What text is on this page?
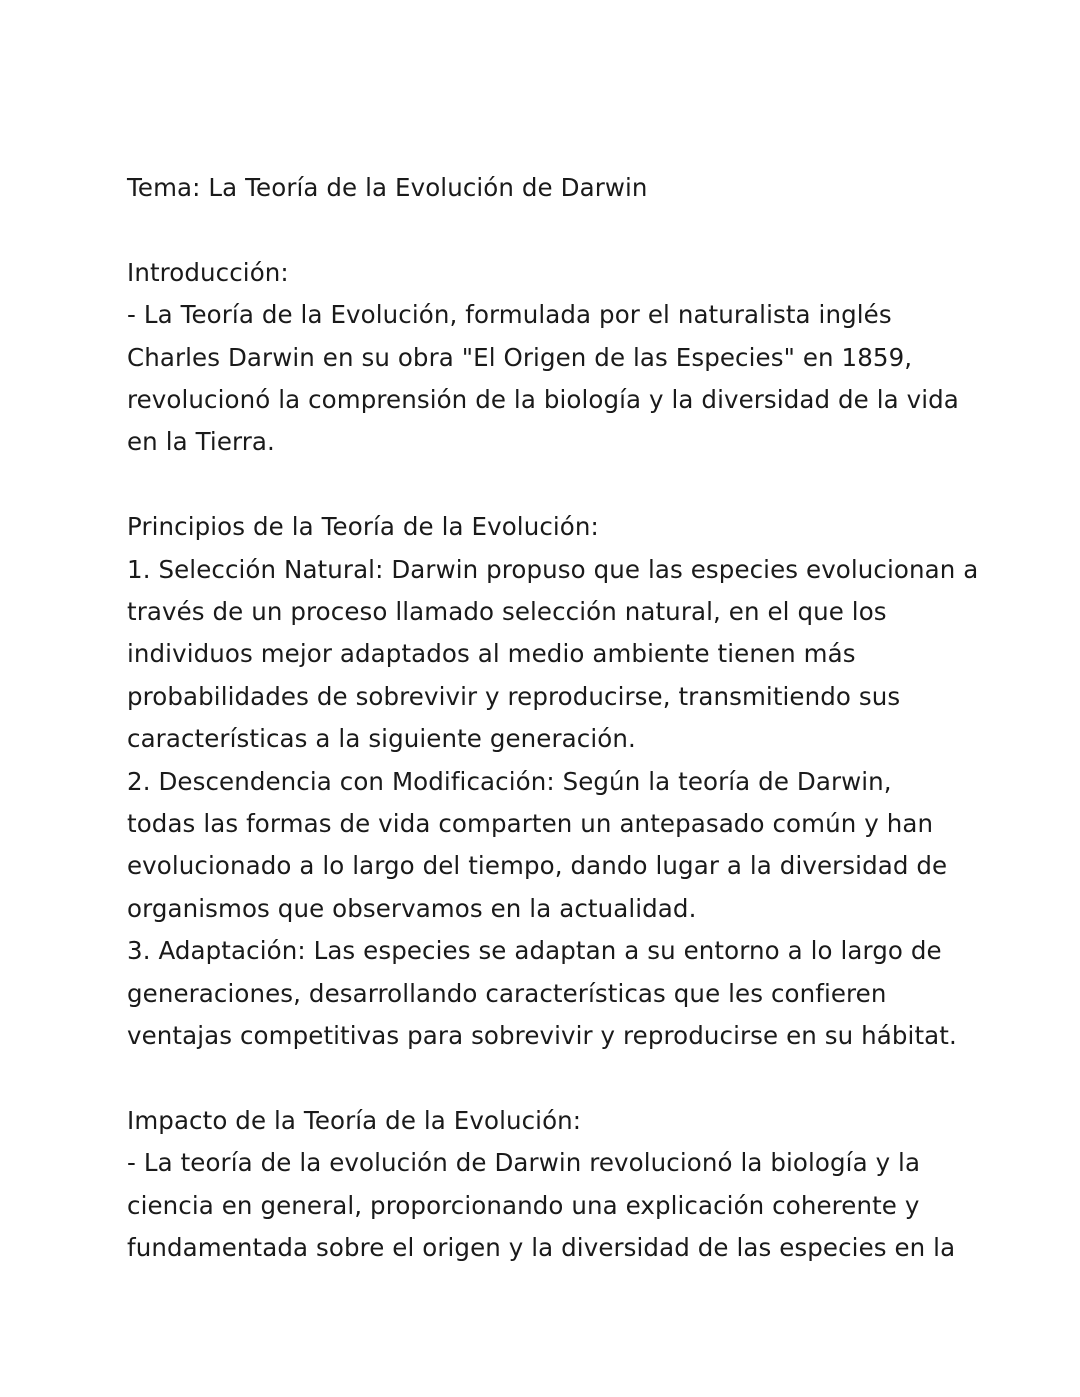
Tema: La Teoría de la Evolución de Darwin
Introducción:
- La Teoría de la Evolución, formulada por el naturalista inglés
Charles Darwin en su obra "El Origen de las Especies" en 1859,
revolucionó la comprensión de la biología y la diversidad de la vida
en la Tierra.
Principios de la Teoría de la Evolución:
1. Selección Natural: Darwin propuso que las especies evolucionan a
través de un proceso llamado selección natural, en el que los
individuos mejor adaptados al medio ambiente tienen más
probabilidades de sobrevivir y reproducirse, transmitiendo sus
características a la siguiente generación.
2. Descendencia con Modificación: Según la teoría de Darwin,
todas las formas de vida comparten un antepasado común y han
evolucionado a lo largo del tiempo, dando lugar a la diversidad de
organismos que observamos en la actualidad.
3. Adaptación: Las especies se adaptan a su entorno a lo largo de
generaciones, desarrollando características que les confieren
ventajas competitivas para sobrevivir y reproducirse en su hábitat.
Impacto de la Teoría de la Evolución:
- La teoría de la evolución de Darwin revolucionó la biología y la
ciencia en general, proporcionando una explicación coherente y
fundamentada sobre el origen y la diversidad de las especies en la
